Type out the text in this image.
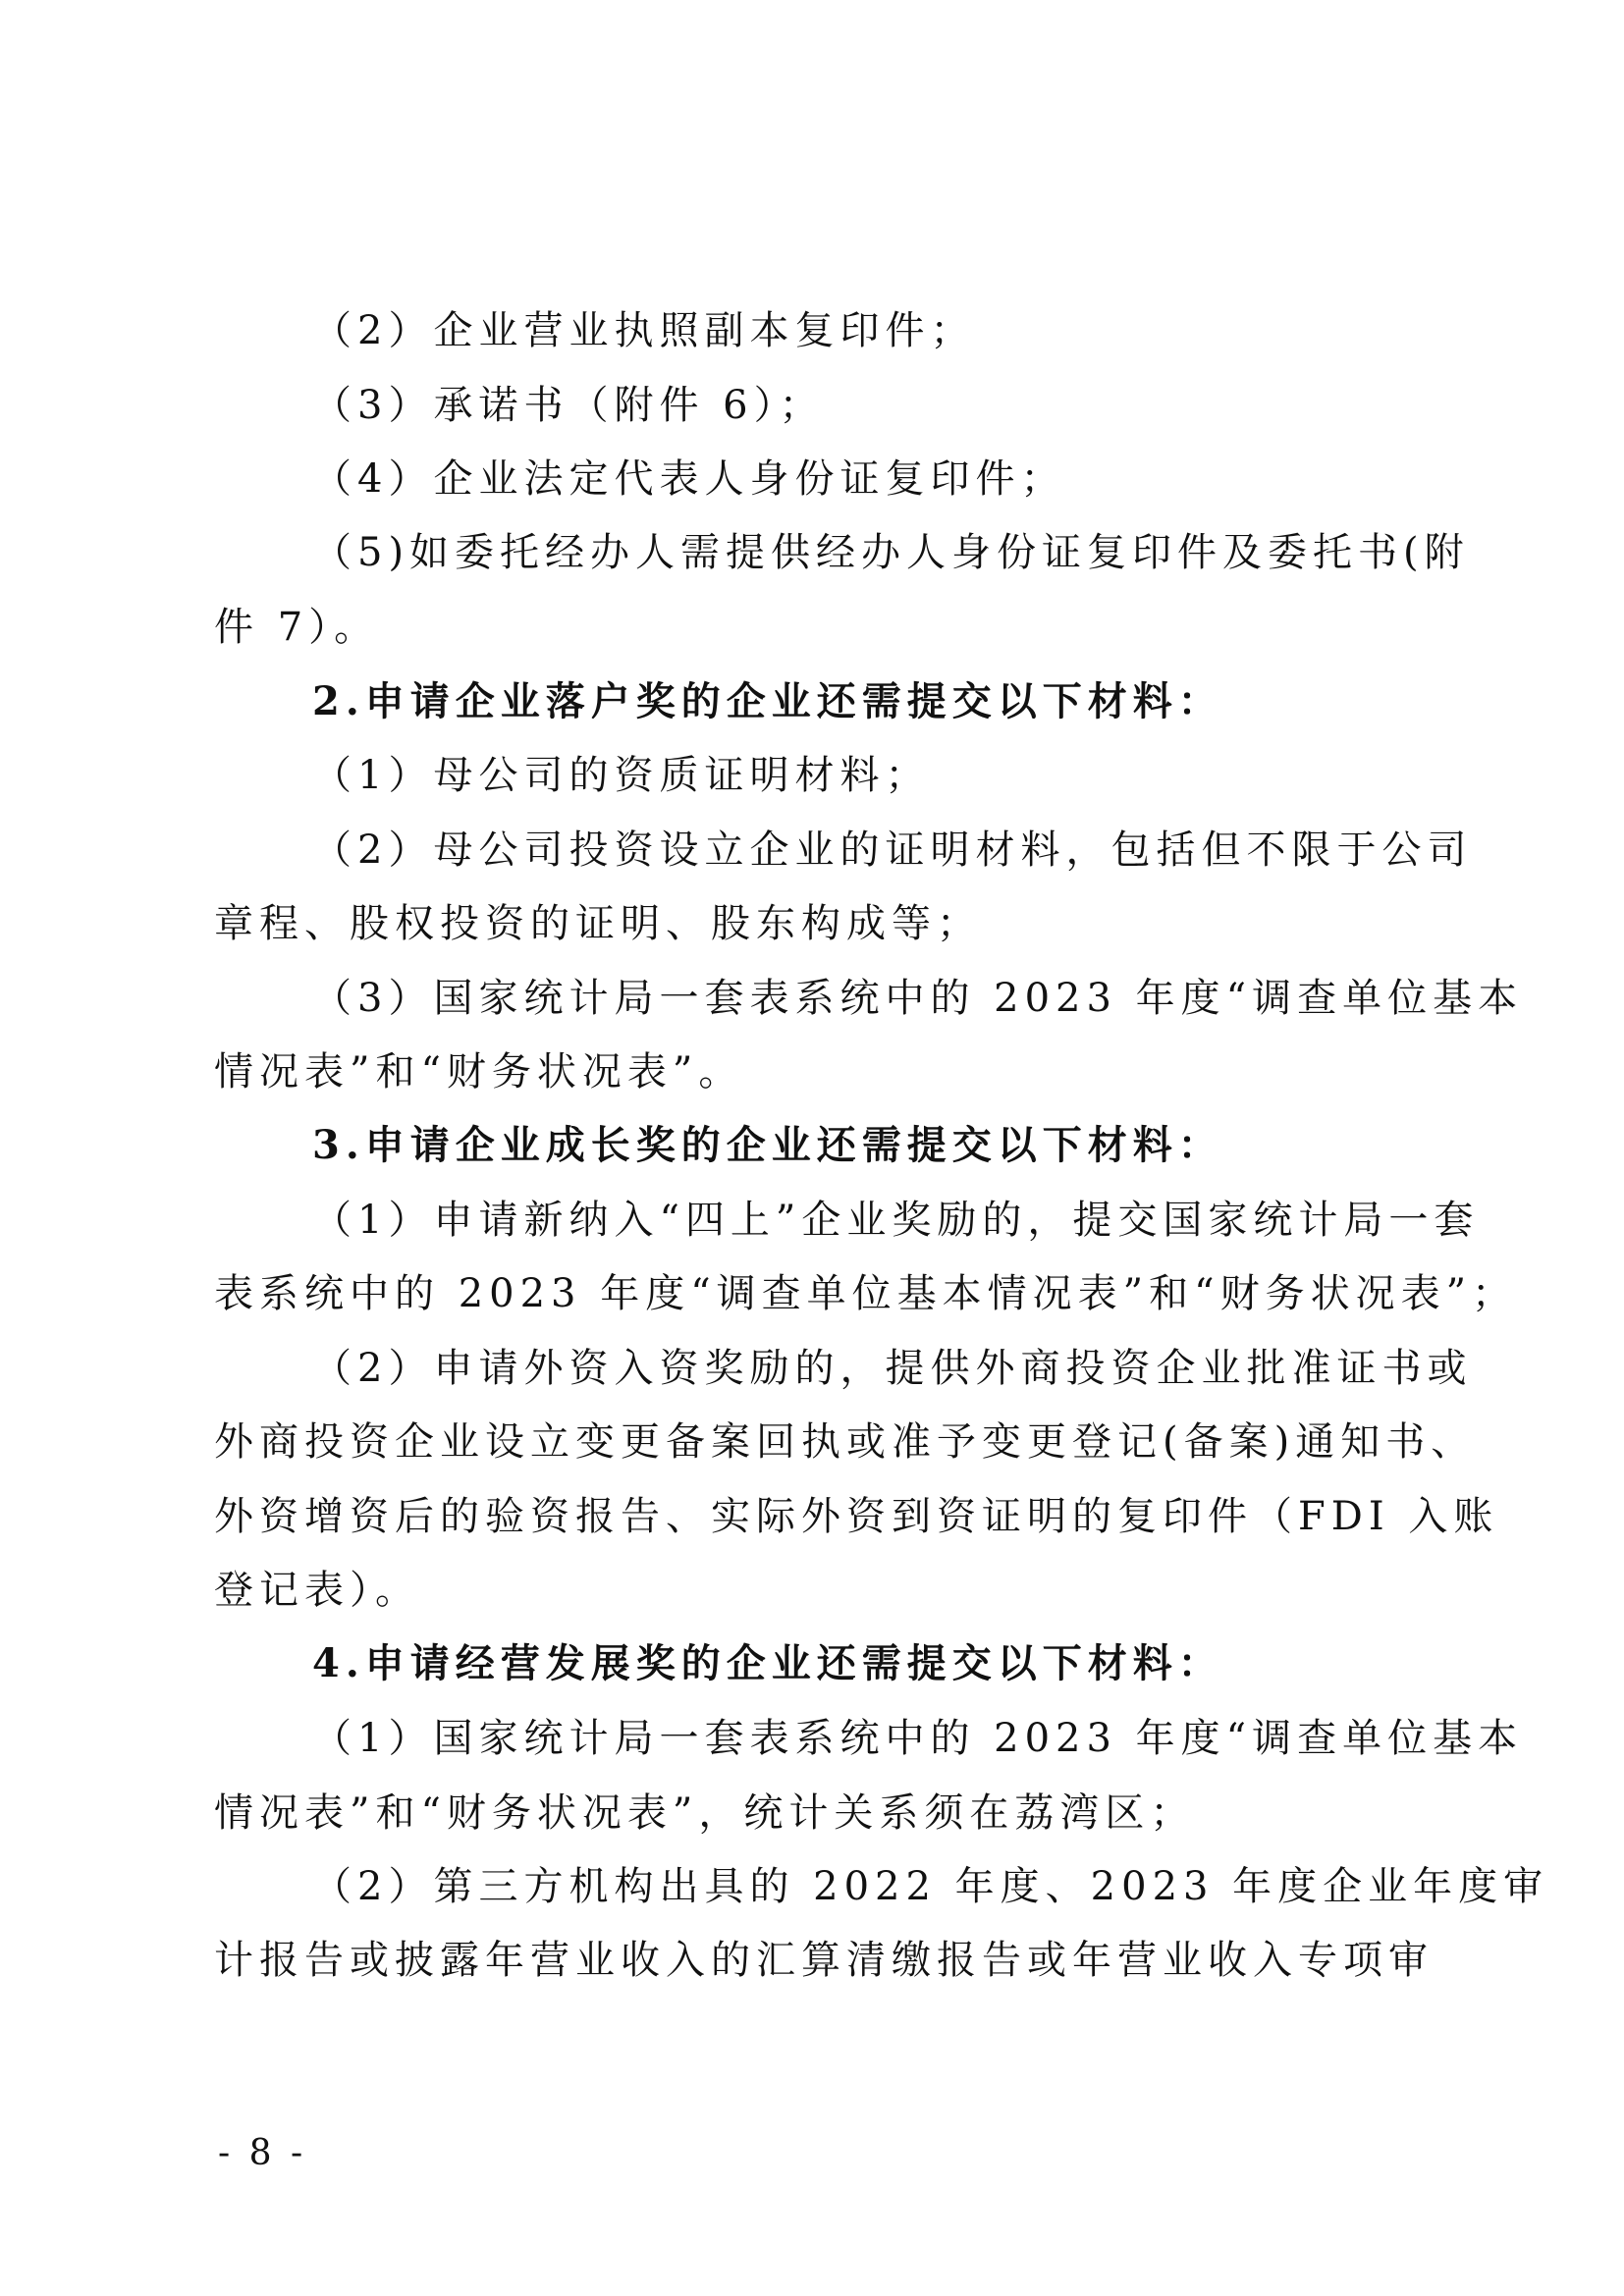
（2）企业营业执照副本复印件；
（3）承诺书（附件 6）；
（4）企业法定代表人身份证复印件；
（5)如委托经办人需提供经办人身份证复印件及委托书(附
件 7）。
2.申请企业落户奖的企业还需提交以下材料：
（1）母公司的资质证明材料；
（2）母公司投资设立企业的证明材料，包括但不限于公司
章程、股权投资的证明、股东构成等；
（3）国家统计局一套表系统中的 2023 年度“调查单位基本
情况表”和“财务状况表”。
3.申请企业成长奖的企业还需提交以下材料：
（1）申请新纳入“四上”企业奖励的，提交国家统计局一套
表系统中的 2023 年度“调查单位基本情况表”和“财务状况表”；
（2）申请外资入资奖励的，提供外商投资企业批准证书或
外商投资企业设立变更备案回执或准予变更登记(备案)通知书、
外资增资后的验资报告、实际外资到资证明的复印件（FDI 入账
登记表）。
4.申请经营发展奖的企业还需提交以下材料：
（1）国家统计局一套表系统中的 2023 年度“调查单位基本
情况表”和“财务状况表”，统计关系须在荔湾区；
（2）第三方机构出具的 2022 年度、2023 年度企业年度审
计报告或披露年营业收入的汇算清缴报告或年营业收入专项审
- 8 -
